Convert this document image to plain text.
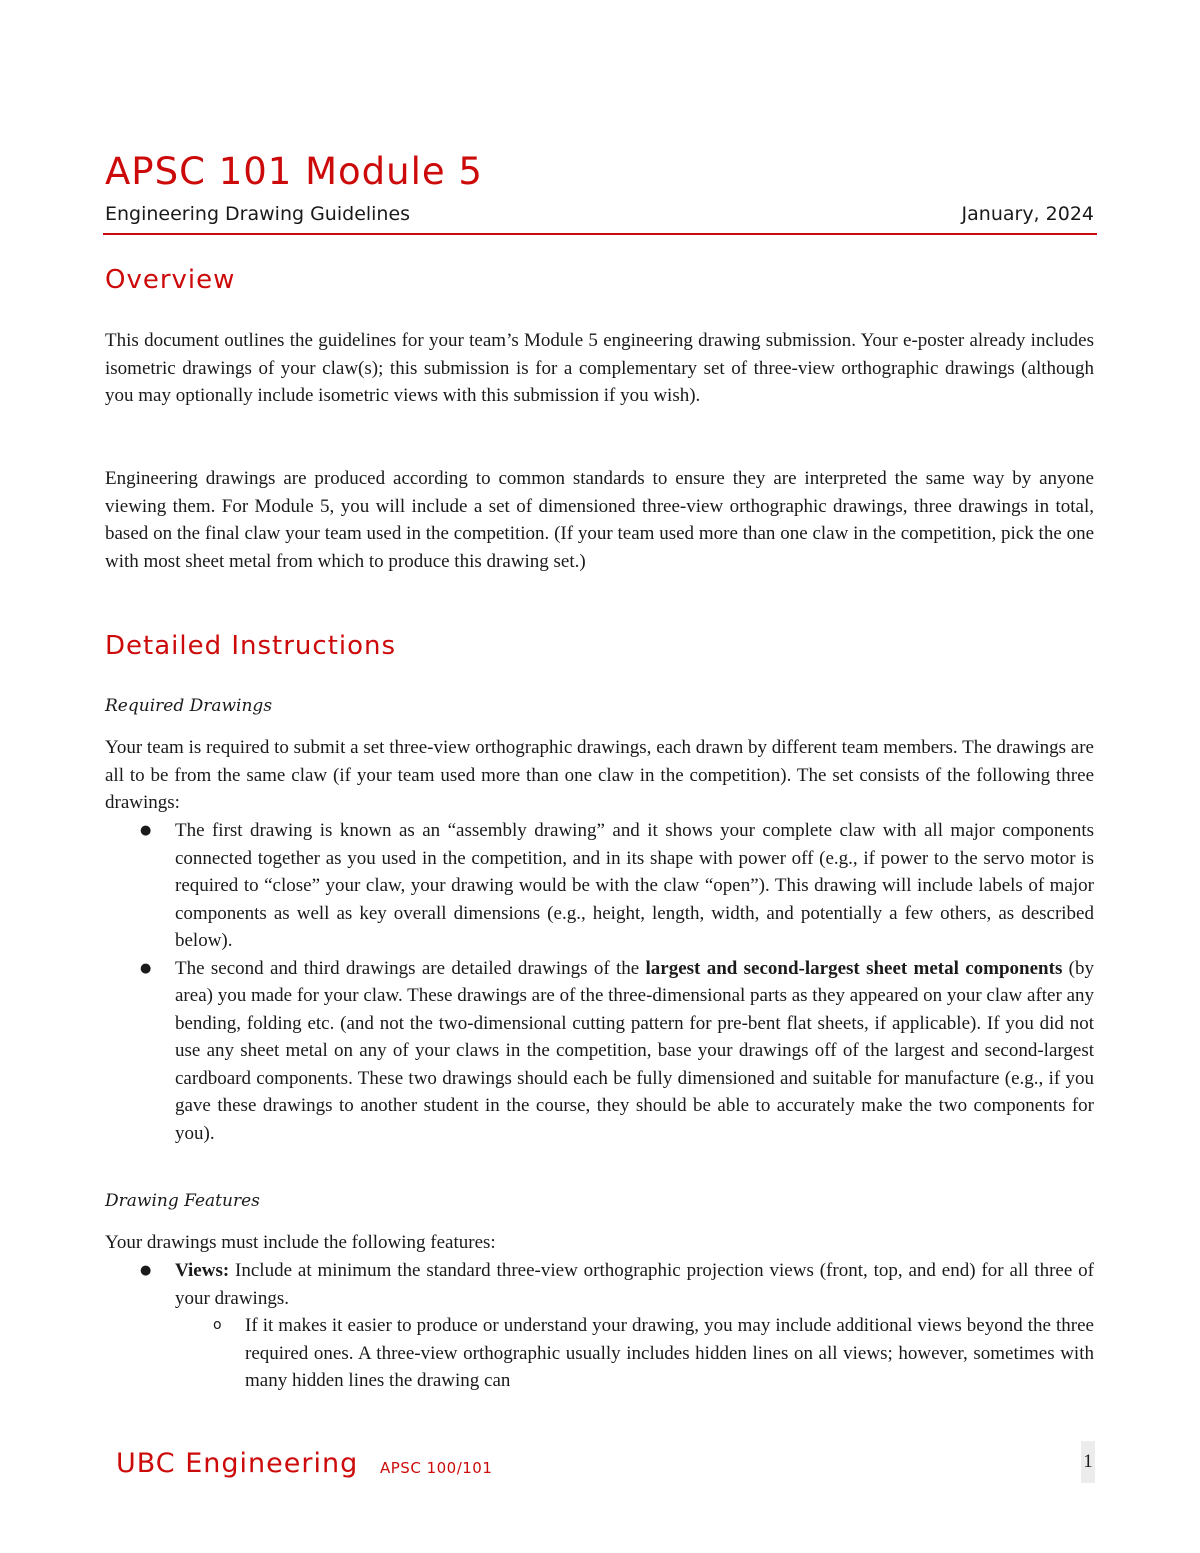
APSC 101 Module 5
Engineering Drawing Guidelines	January, 2024
Overview

This document outlines the guidelines for your team’s Module 5 engineering drawing submission. Your e-poster already includes isometric drawings of your claw(s); this submission is for a complementary set of three-view orthographic drawings (although you may optionally include isometric views with this submission if you wish).

Engineering drawings are produced according to common standards to ensure they are interpreted the same way by anyone viewing them. For Module 5, you will include a set of dimensioned three-view orthographic drawings, three drawings in total, based on the final claw your team used in the competition. (If your team used more than one claw in the competition, pick the one with most sheet metal from which to produce this drawing set.)

Detailed Instructions
Required Drawings

Your team is required to submit a set three-view orthographic drawings, each drawn by different team members. The drawings are all to be from the same claw (if your team used more than one claw in the competition). The set consists of the following three drawings:

● The first drawing is known as an “assembly drawing” and it shows your complete claw with all major components connected together as you used in the competition, and in its shape with power off (e.g., if power to the servo motor is required to “close” your claw, your drawing would be with the claw “open”). This drawing will include labels of major components as well as key overall dimensions (e.g., height, length, width, and potentially a few others, as described below).
● The second and third drawings are detailed drawings of the largest and second-largest sheet metal components (by area) you made for your claw. These drawings are of the three-dimensional parts as they appeared on your claw after any bending, folding etc. (and not the two-dimensional cutting pattern for pre-bent flat sheets, if applicable). If you did not use any sheet metal on any of your claws in the competition, base your drawings off of the largest and second-largest cardboard components. These two drawings should each be fully dimensioned and suitable for manufacture (e.g., if you gave these drawings to another student in the course, they should be able to accurately make the two components for you).
Drawing Features

Your drawings must include the following features:

● Views: Include at minimum the standard three-view orthographic projection views (front, top, and end) for all three of your drawings.
o If it makes it easier to produce or understand your drawing, you may include additional views beyond the three required ones. A three-view orthographic usually includes hidden lines on all views; however, sometimes with many hidden lines the drawing can
UBC Engineering APSC 100/101	1
